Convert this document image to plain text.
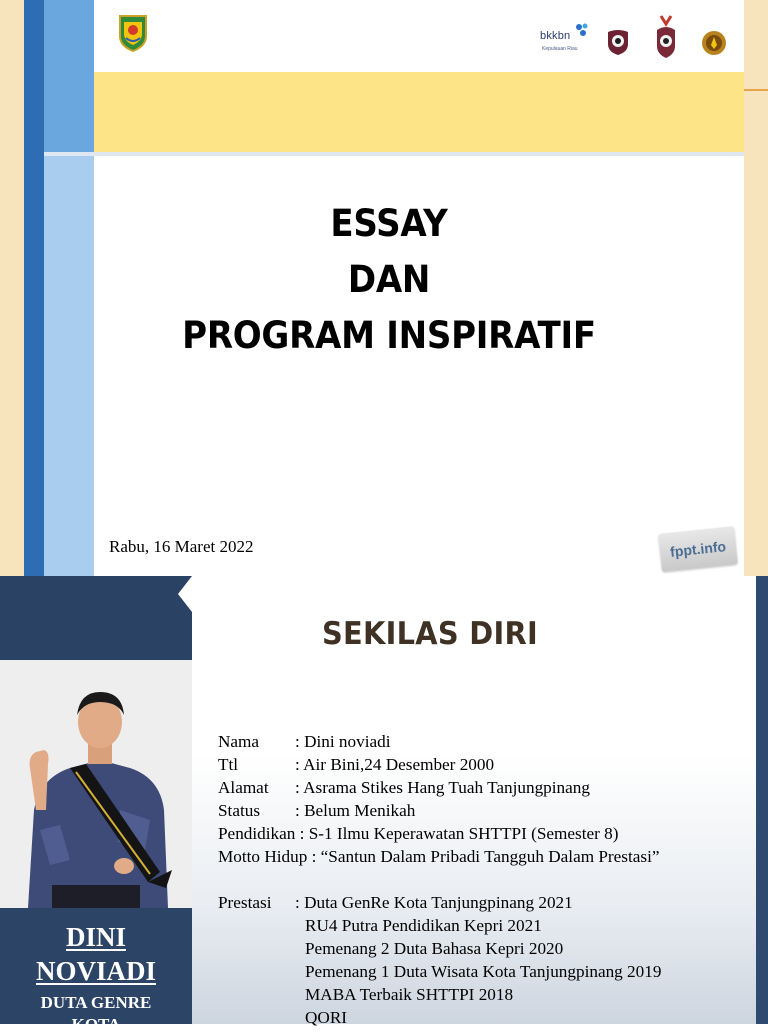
bkkbn
Kepulauan Riau
ESSAY
DAN
PROGRAM INSPIRATIF
Rabu, 16 Maret 2022	fppt.info
DINI
NOVIADI
DUTA GENRE
KOTA
SEKILAS DIRI
Nama	: Dini noviadi
Ttl	: Air Bini,24 Desember 2000
Alamat	: Asrama Stikes Hang Tuah Tanjungpinang
Status	: Belum Menikah
Pendidikan : S-1 Ilmu Keperawatan SHTTPI (Semester 8)
Motto Hidup : “Santun Dalam Pribadi Tangguh Dalam Prestasi”
Prestasi	: Duta GenRe Kota Tanjungpinang 2021
RU4 Putra Pendidikan Kepri 2021
Pemenang 2 Duta Bahasa Kepri 2020
Pemenang 1 Duta Wisata Kota Tanjungpinang 2019
MABA Terbaik SHTTPI 2018
QORI
